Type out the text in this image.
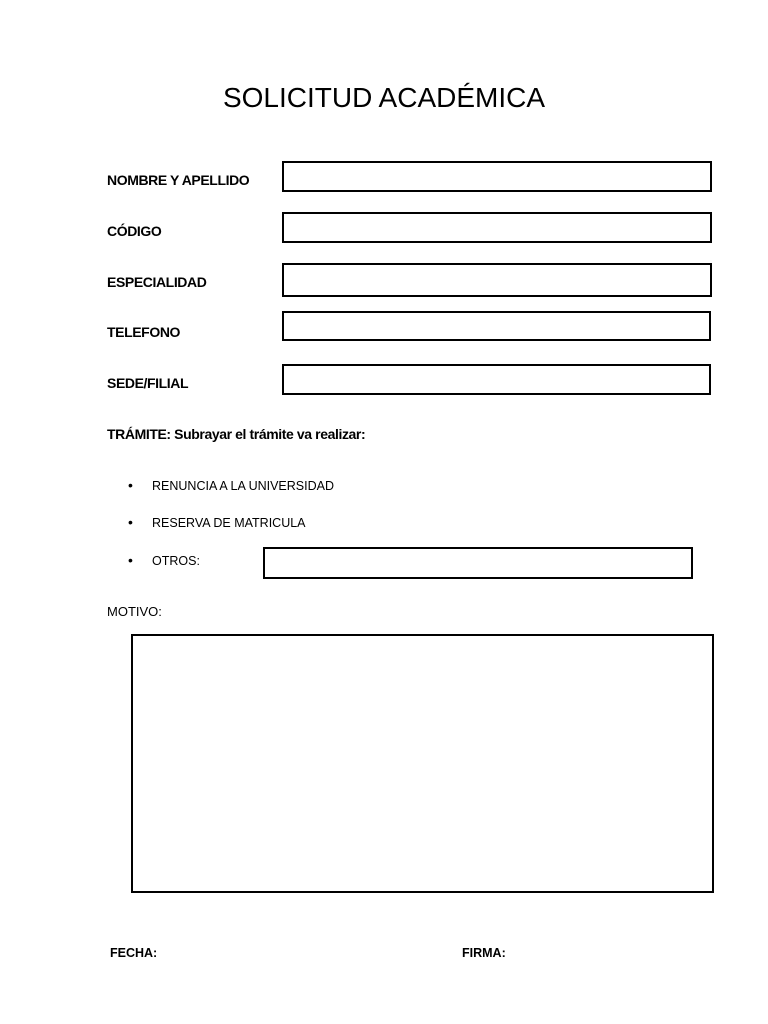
SOLICITUD ACADÉMICA
NOMBRE Y APELLIDO
CÓDIGO
ESPECIALIDAD
TELEFONO
SEDE/FILIAL
TRÁMITE: Subrayar el trámite va realizar:
• RENUNCIA A LA UNIVERSIDAD
• RESERVA DE MATRICULA
• OTROS:
MOTIVO:
FECHA:	FIRMA:
